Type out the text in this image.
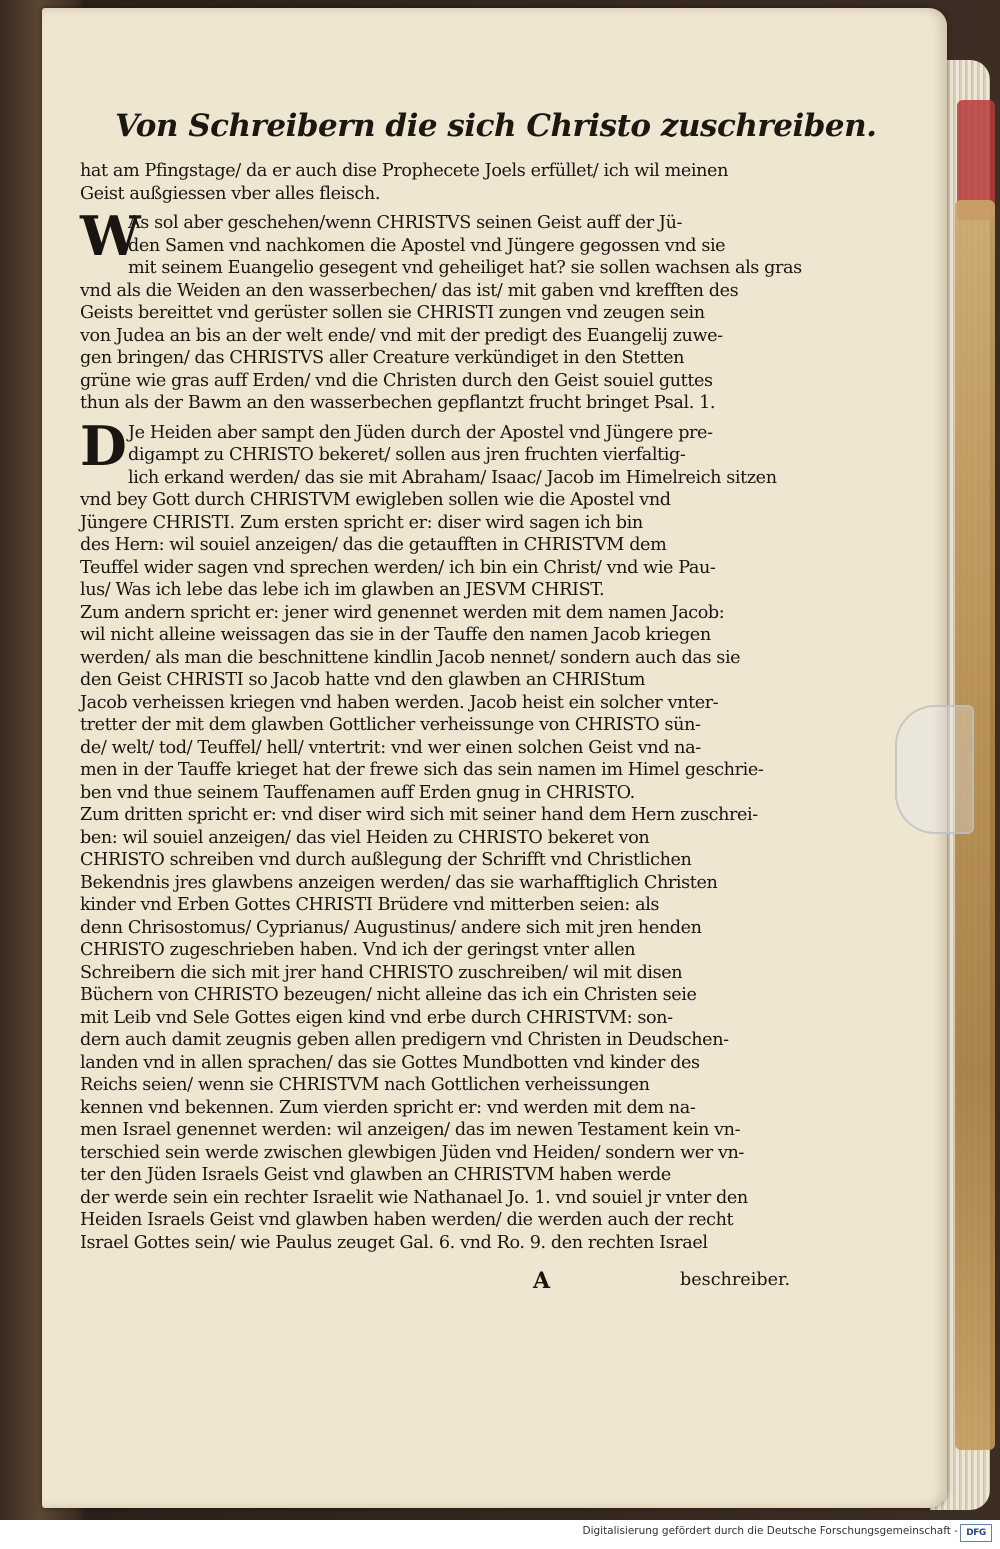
Von Schreibern die sich Christo zuschreiben.
hat am Pfingstage/ da er auch dise Prophecete Joels erfüllet/ ich wil meinen
Geist außgiessen vber alles fleisch.
W
As sol aber geschehen/wenn CHRISTVS seinen Geist auff der Jü-
den Samen vnd nachkomen die Apostel vnd Jüngere gegossen vnd sie
mit seinem Euangelio gesegent vnd geheiliget hat? sie sollen wachsen als gras
vnd als die Weiden an den wasserbechen/ das ist/ mit gaben vnd krefften des
Geists bereittet vnd gerüster sollen sie CHRISTI zungen vnd zeugen sein
von Judea an bis an der welt ende/ vnd mit der predigt des Euangelij zuwe-
gen bringen/ das CHRISTVS aller Creature verkündiget in den Stetten
grüne wie gras auff Erden/ vnd die Christen durch den Geist souiel guttes
thun als der Bawm an den wasserbechen gepflantzt frucht bringet Psal. 1.
D Je Heiden aber sampt den Jüden durch der Apostel vnd Jüngere pre-
digampt zu CHRISTO bekeret/ sollen aus jren fruchten vierfaltig-
lich erkand werden/ das sie mit Abraham/ Isaac/ Jacob im Himelreich sitzen
vnd bey Gott durch CHRISTVM ewigleben sollen wie die Apostel vnd
Jüngere CHRISTI. Zum ersten spricht er: diser wird sagen ich bin
des Hern: wil souiel anzeigen/ das die getaufften in CHRISTVM dem
Teuffel wider sagen vnd sprechen werden/ ich bin ein Christ/ vnd wie Pau-
lus/ Was ich lebe das lebe ich im glawben an JESVM CHRIST.
Zum andern spricht er: jener wird genennet werden mit dem namen Jacob:
wil nicht alleine weissagen das sie in der Tauffe den namen Jacob kriegen
werden/ als man die beschnittene kindlin Jacob nennet/ sondern auch das sie
den Geist CHRISTI so Jacob hatte vnd den glawben an CHRIStum
Jacob verheissen kriegen vnd haben werden. Jacob heist ein solcher vnter-
tretter der mit dem glawben Gottlicher verheissunge von CHRISTO sün-
de/ welt/ tod/ Teuffel/ hell/ vntertrit: vnd wer einen solchen Geist vnd na-
men in der Tauffe krieget hat der frewe sich das sein namen im Himel geschrie-
ben vnd thue seinem Tauffenamen auff Erden gnug in CHRISTO.
Zum dritten spricht er: vnd diser wird sich mit seiner hand dem Hern zuschrei-
ben: wil souiel anzeigen/ das viel Heiden zu CHRISTO bekeret von
CHRISTO schreiben vnd durch außlegung der Schrifft vnd Christlichen
Bekendnis jres glawbens anzeigen werden/ das sie warhafftiglich Christen
kinder vnd Erben Gottes CHRISTI Brüdere vnd mitterben seien: als
denn Chrisostomus/ Cyprianus/ Augustinus/ andere sich mit jren henden
CHRISTO zugeschrieben haben. Vnd ich der geringst vnter allen
Schreibern die sich mit jrer hand CHRISTO zuschreiben/ wil mit disen
Büchern von CHRISTO bezeugen/ nicht alleine das ich ein Christen seie
mit Leib vnd Sele Gottes eigen kind vnd erbe durch CHRISTVM: son-
dern auch damit zeugnis geben allen predigern vnd Christen in Deudschen-
landen vnd in allen sprachen/ das sie Gottes Mundbotten vnd kinder des
Reichs seien/ wenn sie CHRISTVM nach Gottlichen verheissungen
kennen vnd bekennen. Zum vierden spricht er: vnd werden mit dem na-
men Israel genennet werden: wil anzeigen/ das im newen Testament kein vn-
terschied sein werde zwischen glewbigen Jüden vnd Heiden/ sondern wer vn-
ter den Jüden Israels Geist vnd glawben an CHRISTVM haben werde
der werde sein ein rechter Israelit wie Nathanael Jo. 1. vnd souiel jr vnter den
Heiden Israels Geist vnd glawben haben werden/ die werden auch der recht
Israel Gottes sein/ wie Paulus zeuget Gal. 6. vnd Ro. 9. den rechten Israel
A	beschreiber.
Digitalisierung gefördert durch die Deutsche Forschungsgemeinschaft - DFG
